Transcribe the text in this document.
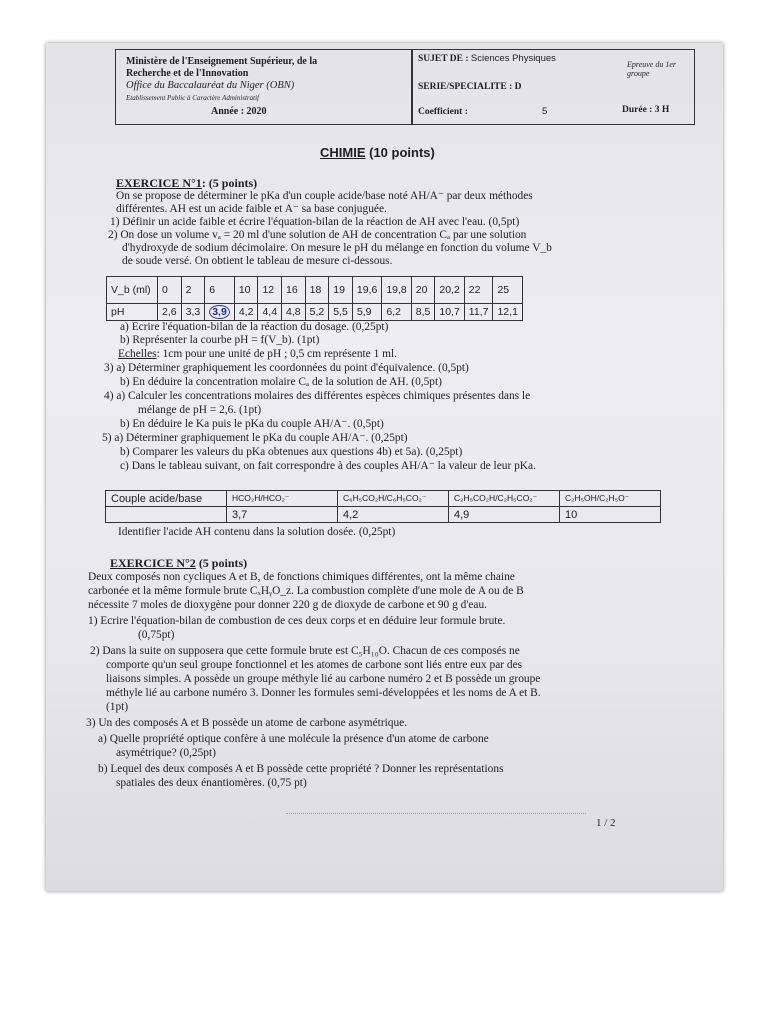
Ministère de l'Enseignement Supérieur, de la
Recherche et de l'Innovation
Office du Baccalauréat du Niger (OBN)
Etablissement Public à Caractère Administratif
Année : 2020
SUJET DE : Sciences Physiques
Epreuve du 1er groupe
SERIE/SPECIALITE : D
Coefficient :	5	Durée : 3 H
CHIMIE (10 points)
EXERCICE N°1: (5 points)
On se propose de déterminer le pKa d'un couple acide/base noté AH/A⁻ par deux méthodes
différentes. AH est un acide faible et A⁻ sa base conjuguée.
1) Définir un acide faible et écrire l'équation-bilan de la réaction de AH avec l'eau. (0,5pt)
2) On dose un volume vₐ = 20 ml d'une solution de AH de concentration Cₐ par une solution
d'hydroxyde de sodium décimolaire. On mesure le pH du mélange en fonction du volume V_b
de soude versé. On obtient le tableau de mesure ci-dessous.
V_b (ml)	0	2	6	10	12	16	18	19	19,6	19,8	20	20,2	22	25
pH	2,6	3,3	3,9	4,2	4,4	4,8	5,2	5,5	5,9	6,2	8,5	10,7	11,7	12,1
a) Ecrire l'équation-bilan de la réaction du dosage. (0,25pt)
b) Représenter la courbe pH = f(V_b). (1pt)
Echelles: 1cm pour une unité de pH ; 0,5 cm représente 1 ml.
3) a) Déterminer graphiquement les coordonnées du point d'équivalence. (0,5pt)
b) En déduire la concentration molaire Cₐ de la solution de AH. (0,5pt)
4) a) Calculer les concentrations molaires des différentes espèces chimiques présentes dans le
mélange de pH = 2,6. (1pt)
b) En déduire le Ka puis le pKa du couple AH/A⁻. (0,5pt)
5) a) Déterminer graphiquement le pKa du couple AH/A⁻. (0,25pt)
b) Comparer les valeurs du pKa obtenues aux questions 4b) et 5a). (0,25pt)
c) Dans le tableau suivant, on fait correspondre à des couples AH/A⁻ la valeur de leur pKa.
Couple acide/base	HCO₂H/HCO₂⁻	C₆H₅CO₂H/C₆H₅CO₂⁻	C₂H₅CO₂H/C₂H₅CO₂⁻	C₂H₅OH/C₂H₅O⁻
	3,7	4,2	4,9	10
Identifier l'acide AH contenu dans la solution dosée. (0,25pt)
EXERCICE N°2 (5 points)
Deux composés non cycliques A et B, de fonctions chimiques différentes, ont la même chaine
carbonée et la même formule brute CₓHᵧO_z. La combustion complète d'une mole de A ou de B
nécessite 7 moles de dioxygène pour donner 220 g de dioxyde de carbone et 90 g d'eau.
1) Ecrire l'équation-bilan de combustion de ces deux corps et en déduire leur formule brute.
(0,75pt)
2) Dans la suite on supposera que cette formule brute est C₅H₁₀O. Chacun de ces composés ne
comporte qu'un seul groupe fonctionnel et les atomes de carbone sont liés entre eux par des
liaisons simples. A possède un groupe méthyle lié au carbone numéro 2 et B possède un groupe
méthyle lié au carbone numéro 3. Donner les formules semi-développées et les noms de A et B.
(1pt)
3) Un des composés A et B possède un atome de carbone asymétrique.
a) Quelle propriété optique confère à une molécule la présence d'un atome de carbone
asymétrique? (0,25pt)
b) Lequel des deux composés A et B possède cette propriété ? Donner les représentations
spatiales des deux énantiomères. (0,75 pt)
1 / 2
